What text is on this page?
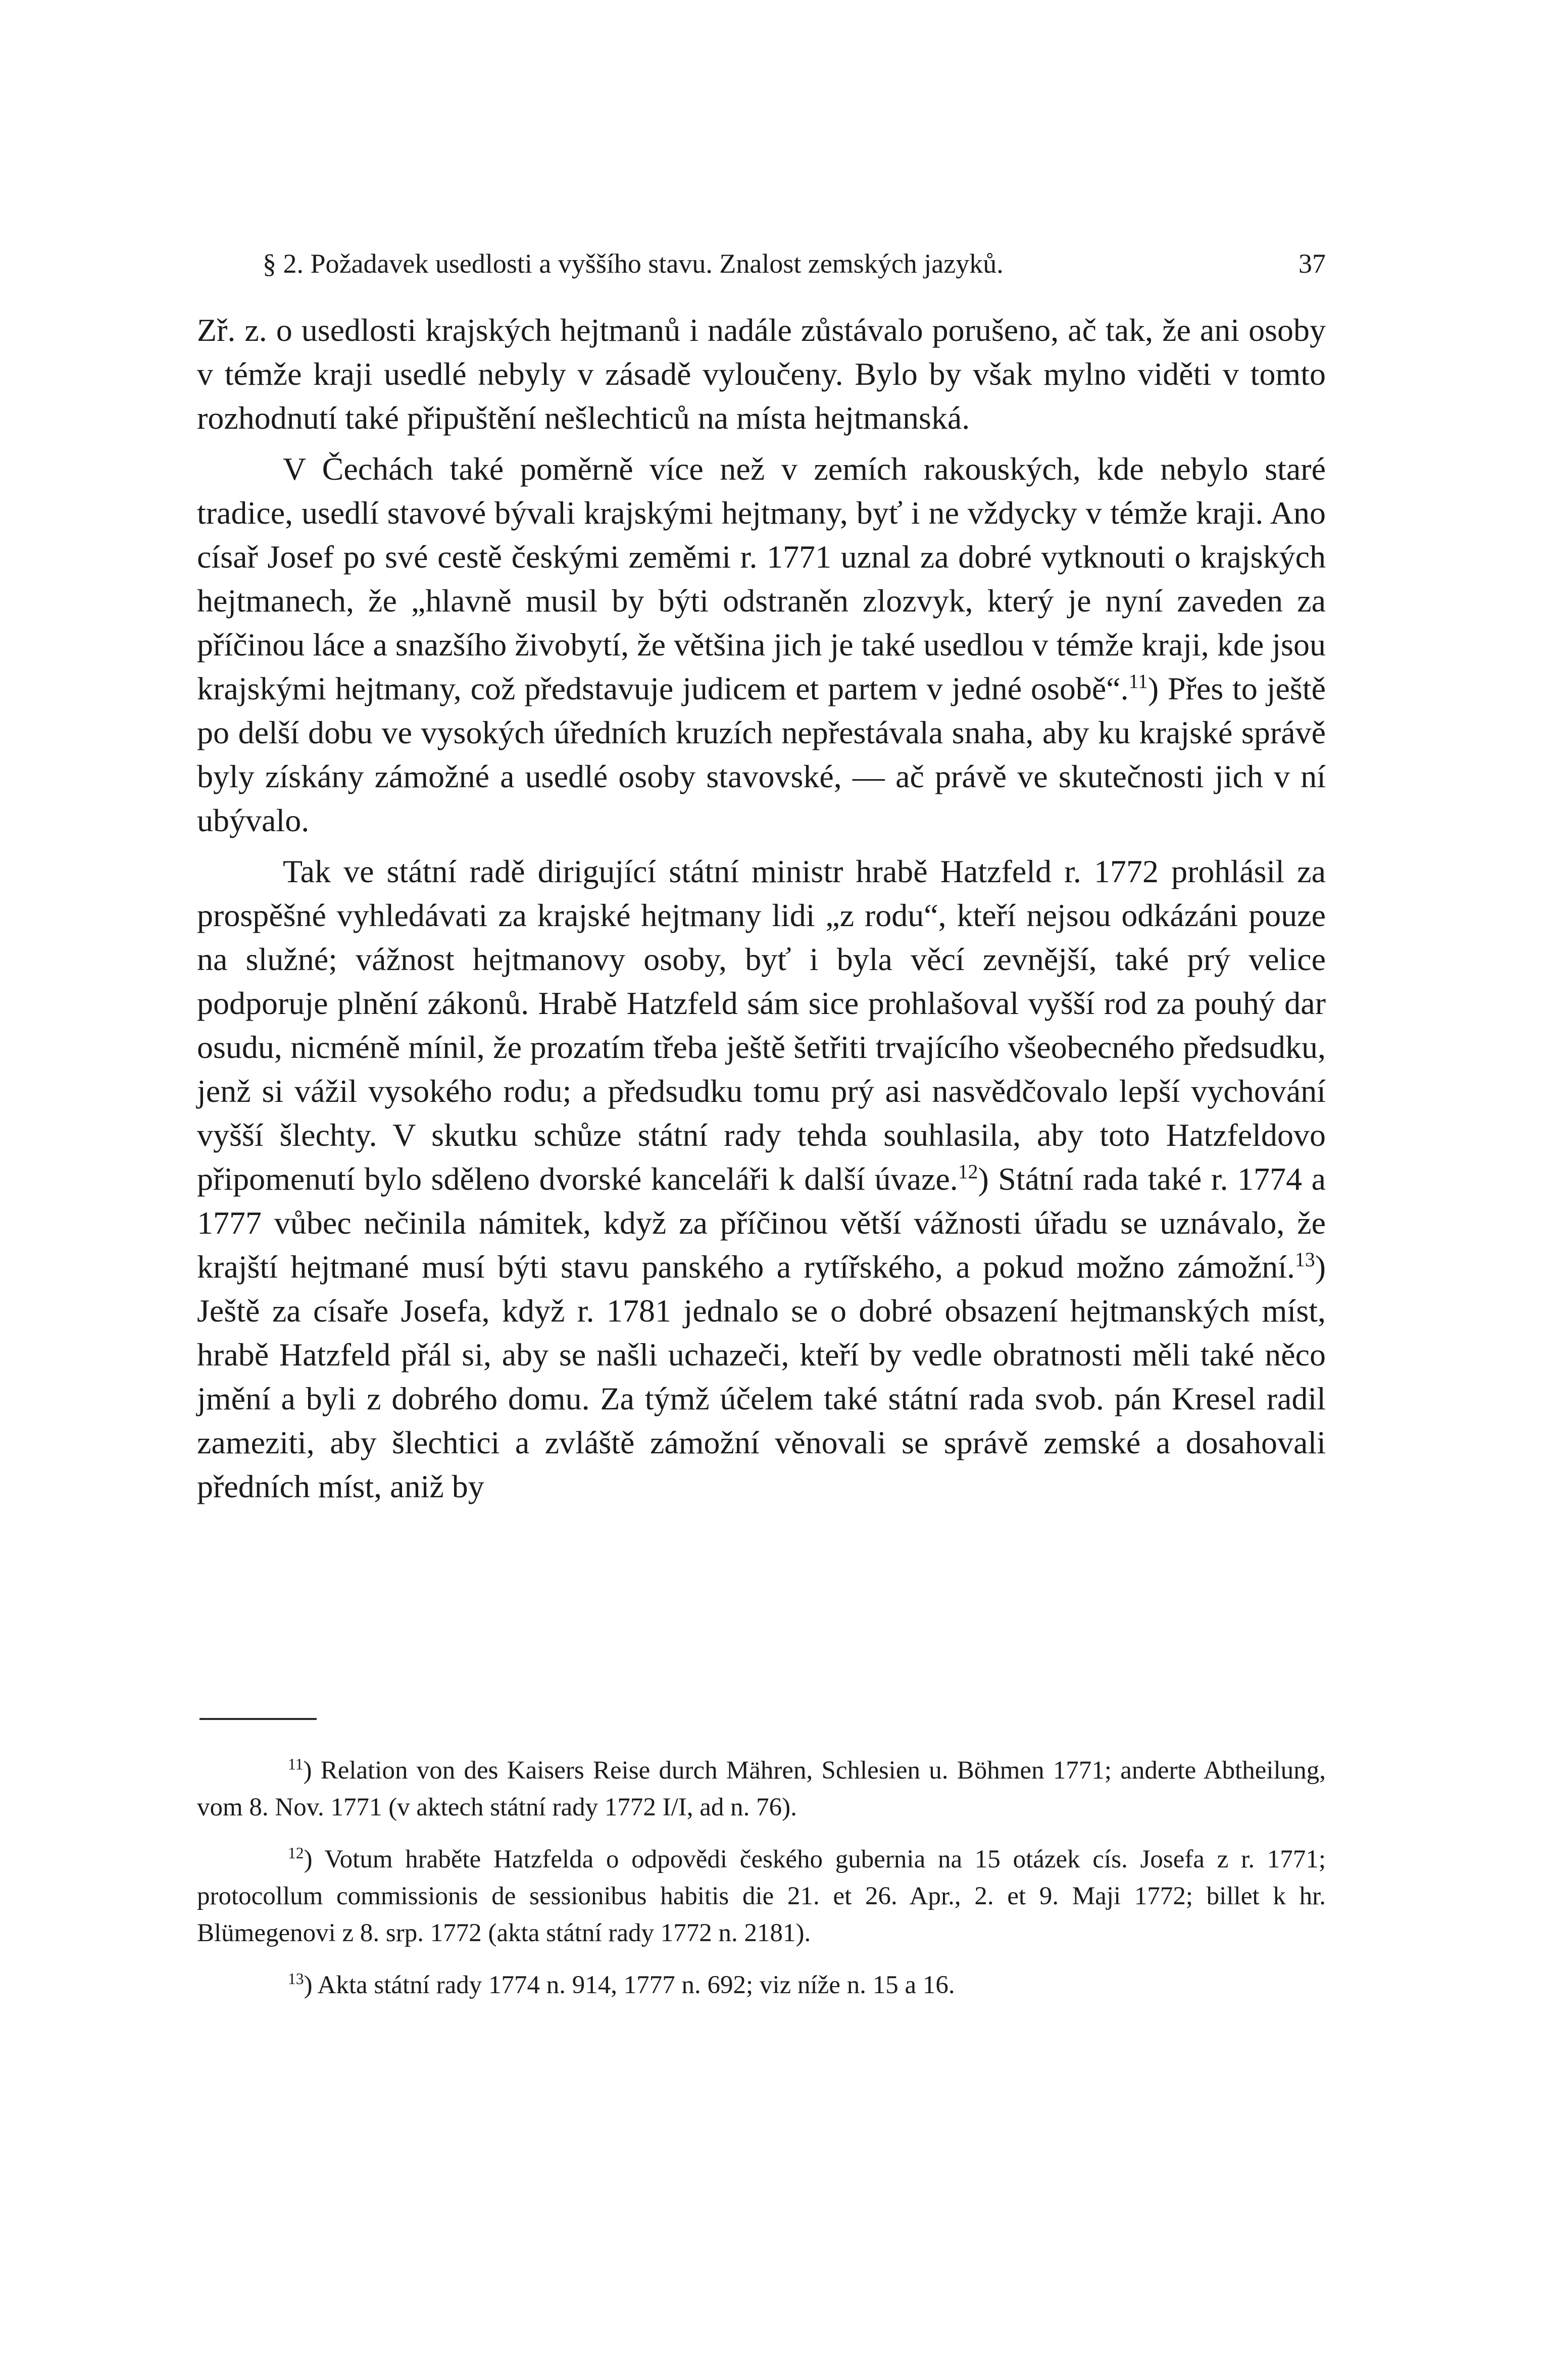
§ 2. Požadavek usedlosti a vyššího stavu. Znalost zemských jazyků.	37

Zř. z. o usedlosti krajských hejtmanů i nadále zůstávalo porušeno, ač tak, že ani osoby v témže kraji usedlé nebyly v zásadě vyloučeny. Bylo by však mylno viděti v tomto rozhodnutí také připuštění nešlechticů na místa hejtmanská.

V Čechách také poměrně více než v zemích rakouských, kde nebylo staré tradice, usedlí stavové bývali krajskými hejtmany, byť i ne vždycky v témže kraji. Ano císař Josef po své cestě českými zeměmi r. 1771 uznal za dobré vytknouti o krajských hejtmanech, že „hlavně musil by býti odstraněn zlozvyk, který je nyní zaveden za příčinou láce a snazšího živobytí, že většina jich je také usedlou v témže kraji, kde jsou krajskými hejtmany, což představuje judicem et partem v jedné osobě“.$^{11}$) Přes to ještě po delší dobu ve vysokých úředních kruzích nepřestávala snaha, aby ku krajské správě byly získány zámožné a usedlé osoby stavovské, — ač právě ve skutečnosti jich v ní ubývalo.

Tak ve státní radě dirigující státní ministr hrabě Hatzfeld r. 1772 prohlásil za prospěšné vyhledávati za krajské hejtmany lidi „z rodu“, kteří nejsou odkázáni pouze na služné; vážnost hejtmanovy osoby, byť i byla věcí zevnější, také prý velice podporuje plnění zákonů. Hrabě Hatzfeld sám sice prohlašoval vyšší rod za pouhý dar osudu, nicméně mínil, že prozatím třeba ještě šetřiti trvajícího všeobecného předsudku, jenž si vážil vysokého rodu; a předsudku tomu prý asi nasvědčovalo lepší vychování vyšší šlechty. V skutku schůze státní rady tehda souhlasila, aby toto Hatzfeldovo připomenutí bylo sděleno dvorské kanceláři k další úvaze.$^{12}$) Státní rada také r. 1774 a 1777 vůbec nečinila námitek, když za příčinou větší vážnosti úřadu se uznávalo, že krajští hejtmané musí býti stavu panského a rytířského, a pokud možno zámožní.$^{13}$) Ještě za císaře Josefa, když r. 1781 jednalo se o dobré obsazení hejtmanských míst, hrabě Hatzfeld přál si, aby se našli uchazeči, kteří by vedle obratnosti měli také něco jmění a byli z dobrého domu. Za týmž účelem také státní rada svob. pán Kresel radil zameziti, aby šlechtici a zvláště zámožní věnovali se správě zemské a dosahovali předních míst, aniž by

$^{11}$) Relation von des Kaisers Reise durch Mähren, Schlesien u. Böhmen 1771; anderte Abtheilung, vom 8. Nov. 1771 (v aktech státní rady 1772 I/I, ad n. 76).

$^{12}$) Votum hraběte Hatzfelda o odpovědi českého gubernia na 15 otázek cís. Josefa z r. 1771; protocollum commissionis de sessionibus habitis die 21. et 26. Apr., 2. et 9. Maji 1772; billet k hr. Blümegenovi z 8. srp. 1772 (akta státní rady 1772 n. 2181).

$^{13}$) Akta státní rady 1774 n. 914, 1777 n. 692; viz níže n. 15 a 16.
